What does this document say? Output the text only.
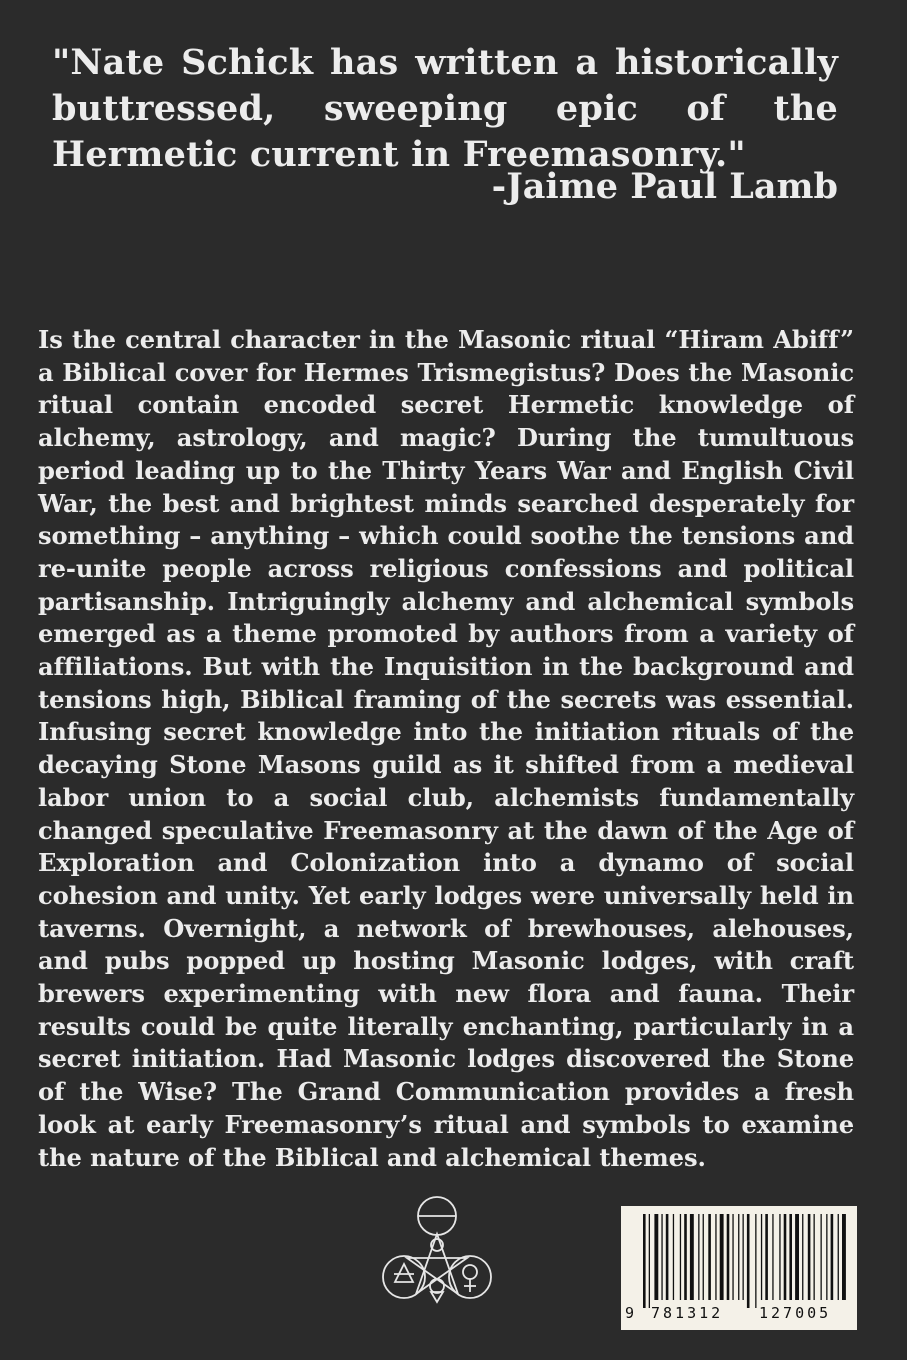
"Nate Schick has written a historically buttressed, sweeping epic of the Hermetic current in Freemasonry."
-Jaime Paul Lamb
Is the central character in the Masonic ritual “Hiram Abiff” a Biblical cover for Hermes Trismegistus? Does the Masonic ritual contain encoded secret Hermetic knowledge of alchemy, astrology, and magic? During the tumultuous period leading up to the Thirty Years War and English Civil War, the best and brightest minds searched desperately for something – anything – which could soothe the tensions and re-unite people across religious confessions and political partisanship. Intriguingly alchemy and alchemical symbols emerged as a theme promoted by authors from a variety of affiliations. But with the Inquisition in the background and tensions high, Biblical framing of the secrets was essential. Infusing secret knowledge into the initiation rituals of the decaying Stone Masons guild as it shifted from a medieval labor union to a social club, alchemists fundamentally changed speculative Freemasonry at the dawn of the Age of Exploration and Colonization into a dynamo of social cohesion and unity. Yet early lodges were universally held in taverns. Overnight, a network of brewhouses, alehouses, and pubs popped up hosting Masonic lodges, with craft brewers experimenting with new flora and fauna. Their results could be quite literally enchanting, particularly in a secret initiation. Had Masonic lodges discovered the Stone of the Wise? The Grand Communication provides a fresh look at early Freemasonry’s ritual and symbols to examine the nature of the Biblical and alchemical themes.
9 781312 127005
